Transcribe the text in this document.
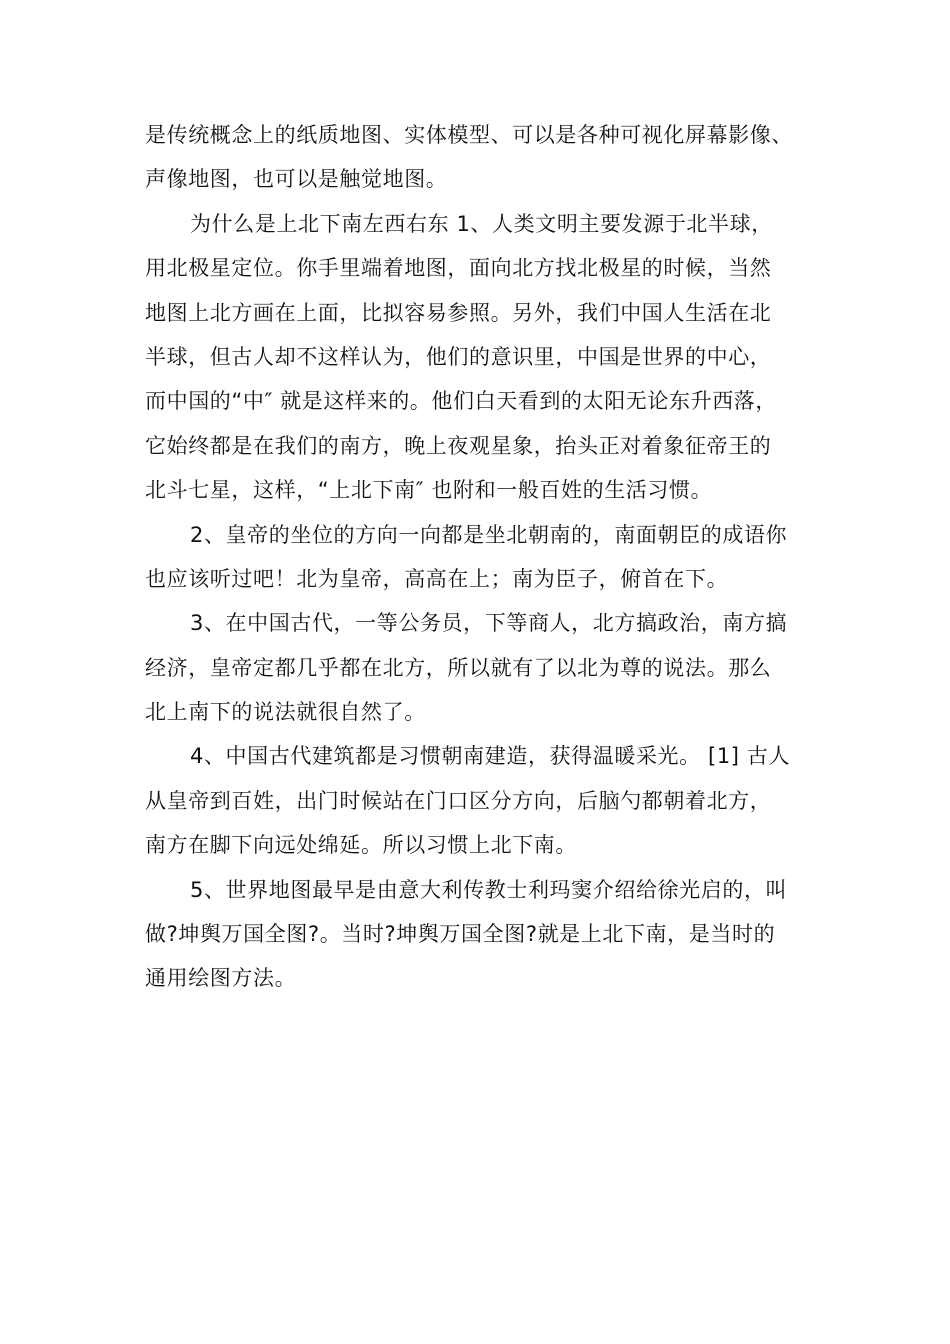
是传统概念上的纸质地图、实体模型、可以是各种可视化屏幕影像、
声像地图，也可以是触觉地图。
为什么是上北下南左西右东 1、人类文明主要发源于北半球，
用北极星定位。你手里端着地图，面向北方找北极星的时候，当然
地图上北方画在上面，比拟容易参照。另外，我们中国人生活在北
半球，但古人却不这样认为，他们的意识里，中国是世界的中心，
而中国的“中″ 就是这样来的。他们白天看到的太阳无论东升西落，
它始终都是在我们的南方，晚上夜观星象，抬头正对着象征帝王的
北斗七星，这样，“上北下南″ 也附和一般百姓的生活习惯。
2、皇帝的坐位的方向一向都是坐北朝南的，南面朝臣的成语你
也应该听过吧！北为皇帝，高高在上；南为臣子，俯首在下。
3、在中国古代，一等公务员，下等商人，北方搞政治，南方搞
经济，皇帝定都几乎都在北方，所以就有了以北为尊的说法。那么
北上南下的说法就很自然了。
4、中国古代建筑都是习惯朝南建造，获得温暖采光。 [1] 古人
从皇帝到百姓，出门时候站在门口区分方向，后脑勺都朝着北方，
南方在脚下向远处绵延。所以习惯上北下南。
5、世界地图最早是由意大利传教士利玛窦介绍给徐光启的，叫
做?坤舆万国全图?。当时?坤舆万国全图?就是上北下南，是当时的
通用绘图方法。
